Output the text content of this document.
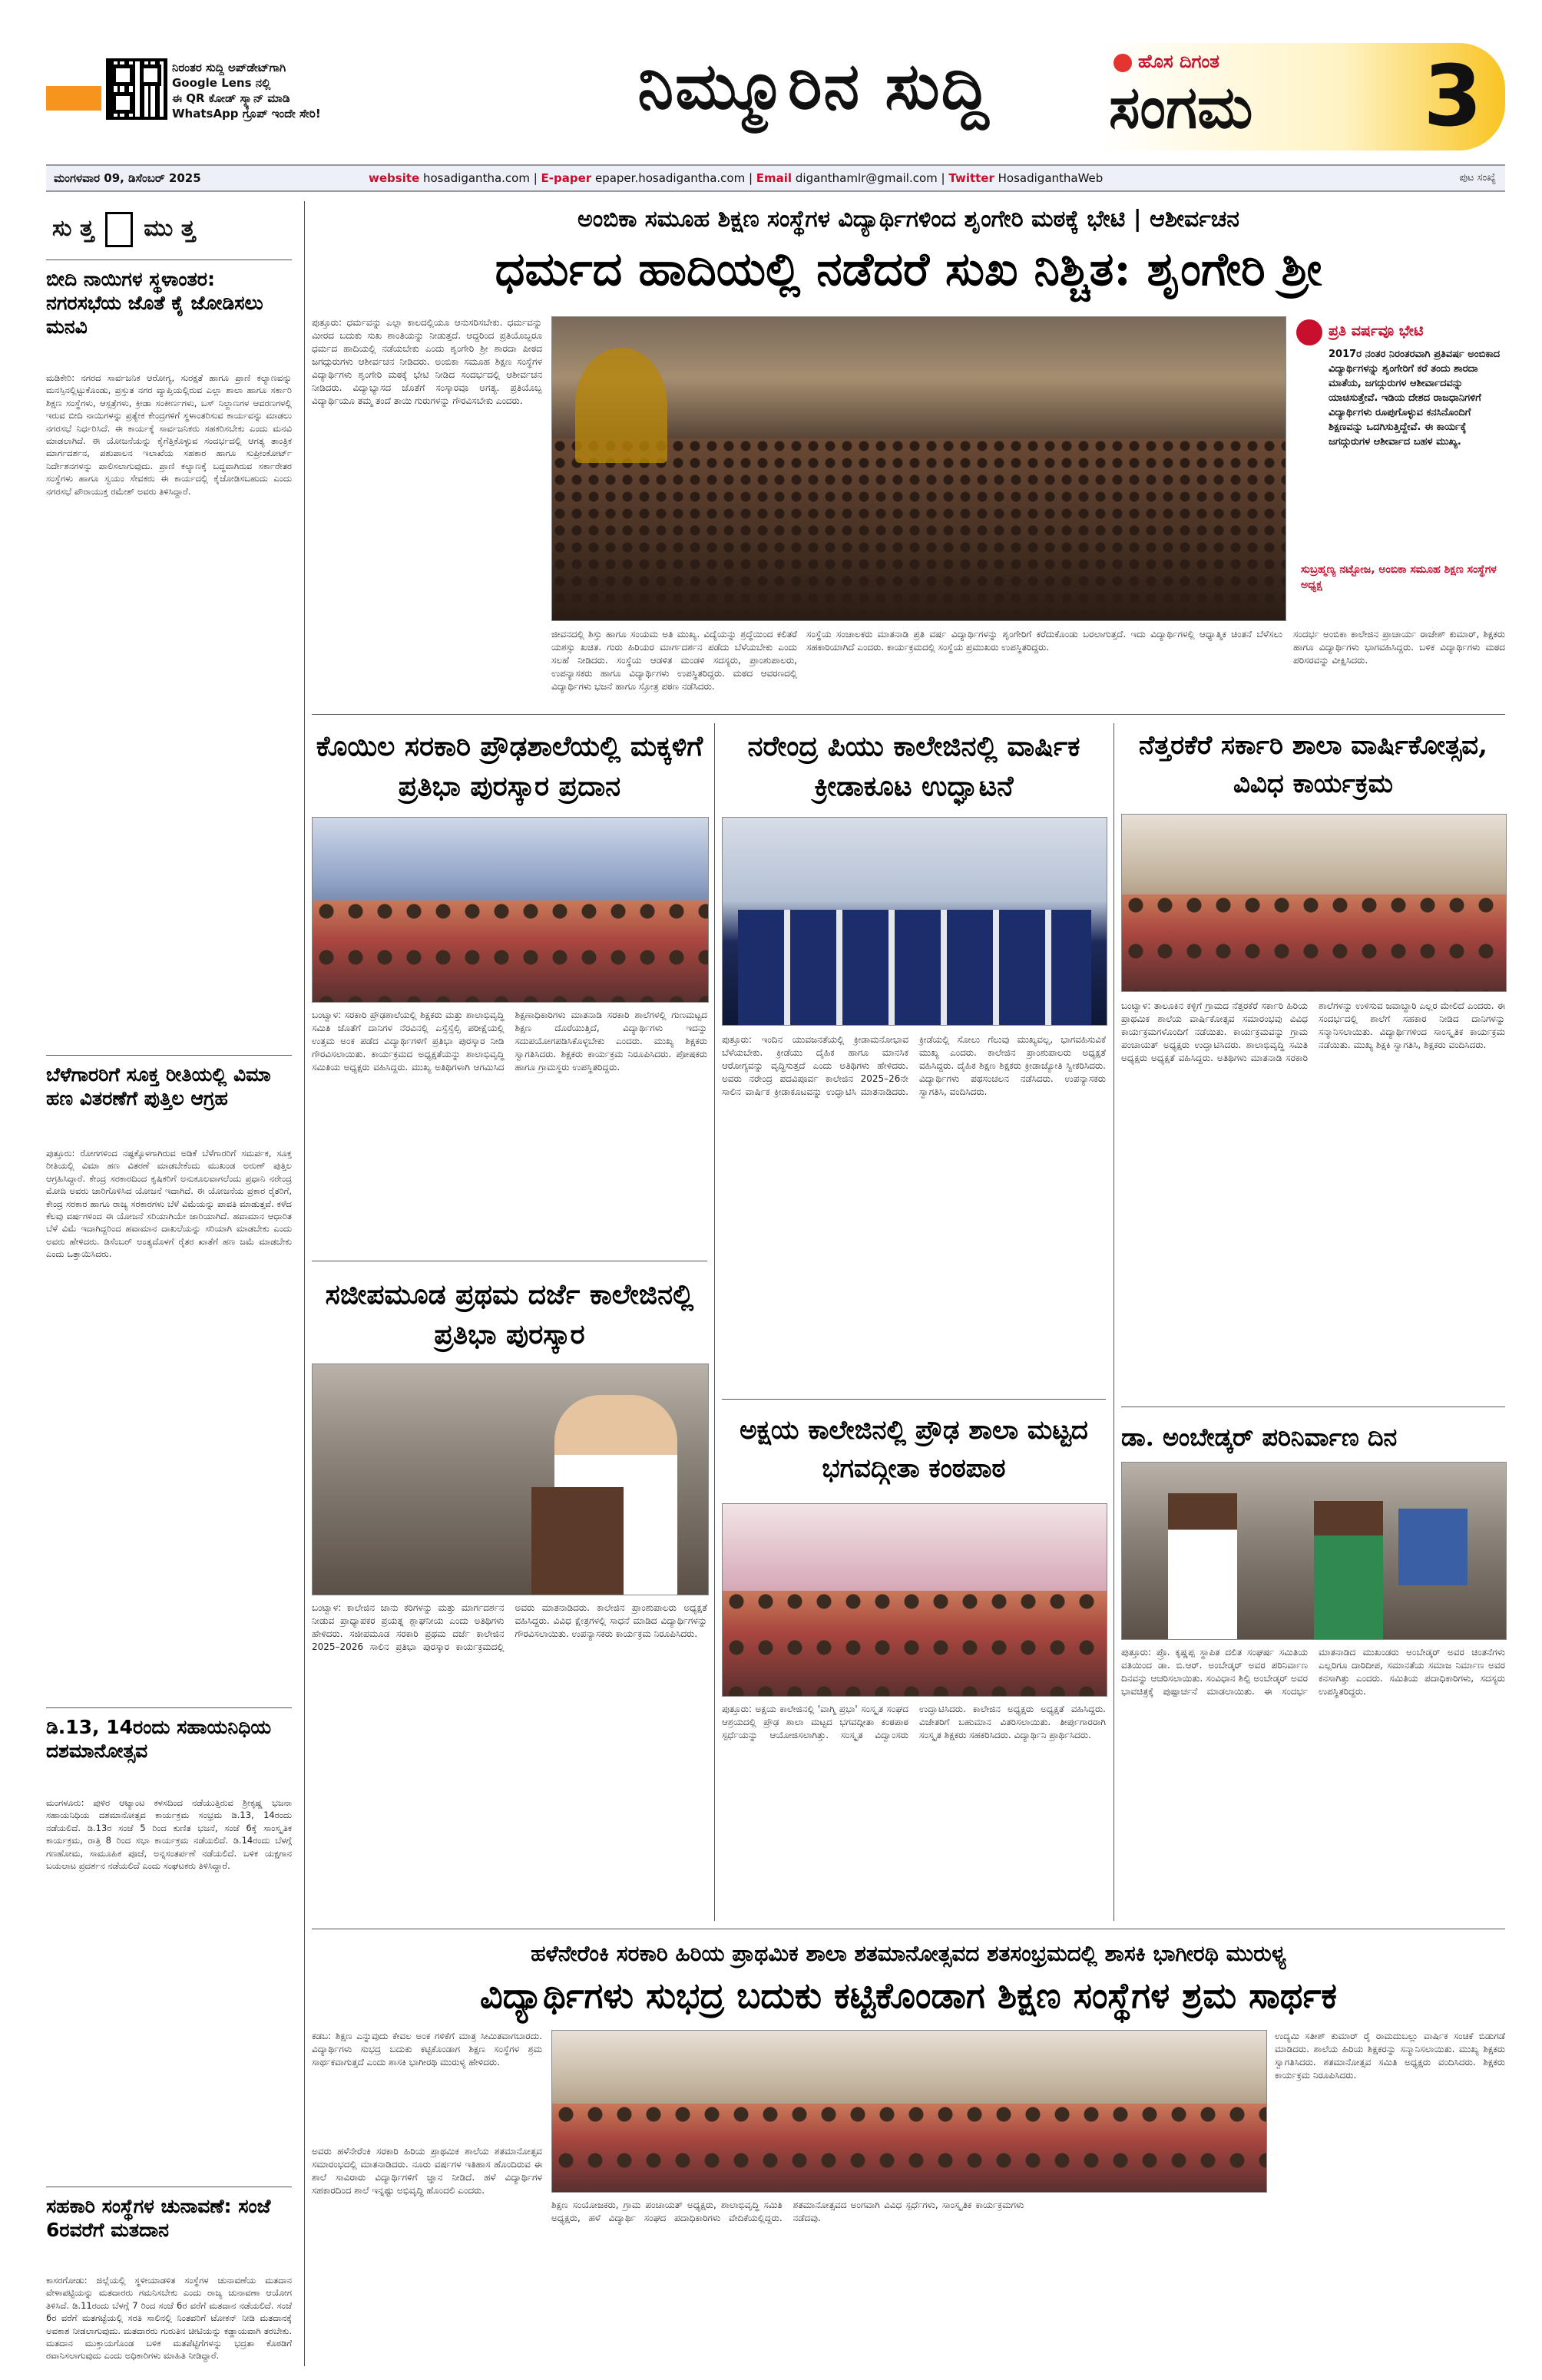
ನಿರಂತರ ಸುದ್ದಿ ಅಪ್‌ಡೇಟ್‌ಗಾಗಿ
Google Lens ನಲ್ಲಿ
ಈ QR ಕೋಡ್ ಸ್ಕ್ಯಾನ್ ಮಾಡಿ
WhatsApp ಗ್ರೂಪ್ ಇಂದೇ ಸೇರಿ!	ನಿಮ್ಮೂರಿನ ಸುದ್ದಿ	ಹೊಸ ದಿಗಂತ
ಸಂಗಮ 3
ಮಂಗಳವಾರ 09, ಡಿಸೆಂಬರ್ 2025	website hosadigantha.com | E-paper epaper.hosadigantha.com | Email diganthamlr@gmail.com | Twitter HosadiganthaWeb	ಪುಟ ಸಂಖ್ಯೆ
ಸು ತ್ತ ಮು ತ್ತ
ಬೀದಿ ನಾಯಿಗಳ ಸ್ಥಳಾಂತರ: ನಗರಸಭೆಯ ಜೊತೆ ಕೈ ಜೋಡಿಸಲು ಮನವಿ
ಮಡಿಕೇರಿ: ನಗರದ ಸಾರ್ವಜನಿಕ ಆರೋಗ್ಯ, ಸುರಕ್ಷತೆ ಹಾಗೂ ಪ್ರಾಣಿ ಕಲ್ಯಾಣವನ್ನು ಮನಸ್ಸಿನಲ್ಲಿಟ್ಟುಕೊಂಡು, ಪ್ರಸ್ತುತ ನಗರ ವ್ಯಾಪ್ತಿಯಲ್ಲಿರುವ ಎಲ್ಲಾ ಶಾಲಾ ಹಾಗೂ ಸರ್ಕಾರಿ ಶಿಕ್ಷಣ ಸಂಸ್ಥೆಗಳು, ಆಸ್ಪತ್ರೆಗಳು, ಕ್ರೀಡಾ ಸಂಕೀರ್ಣಗಳು, ಬಸ್ ನಿಲ್ದಾಣಗಳ ಆವರಣಗಳಲ್ಲಿ ಇರುವ ಬೀದಿ ನಾಯಿಗಳನ್ನು ಪ್ರತ್ಯೇಕ ಕೇಂದ್ರಗಳಿಗೆ ಸ್ಥಳಾಂತರಿಸುವ ಕಾರ್ಯವನ್ನು ಮಾಡಲು ನಗರಸಭೆ ನಿರ್ಧರಿಸಿದೆ. ಈ ಕಾರ್ಯಕ್ಕೆ ಸಾರ್ವಜನಿಕರು ಸಹಕರಿಸಬೇಕು ಎಂದು ಮನವಿ ಮಾಡಲಾಗಿದೆ. ಈ ಯೋಜನೆಯನ್ನು ಕೈಗೆತ್ತಿಕೊಳ್ಳುವ ಸಂದರ್ಭದಲ್ಲಿ ಆಗತ್ಯ ತಾಂತ್ರಿಕ ಮಾರ್ಗದರ್ಶನ, ಪಶುಪಾಲನ ಇಲಾಖೆಯ ಸಹಕಾರ ಹಾಗೂ ಸುಪ್ರೀಂಕೋರ್ಟ್ ನಿರ್ದೇಶನಗಳನ್ನು ಪಾಲಿಸಲಾಗುವುದು. ಪ್ರಾಣಿ ಕಲ್ಯಾಣಕ್ಕೆ ಬದ್ಧವಾಗಿರುವ ಸರ್ಕಾರೇತರ ಸಂಸ್ಥೆಗಳು ಹಾಗೂ ಸ್ವಯಂ ಸೇವಕರು ಈ ಕಾರ್ಯದಲ್ಲಿ ಕೈಜೋಡಿಸಬಹುದು ಎಂದು ನಗರಸಭೆ ಪೌರಾಯುಕ್ತ ರಮೇಶ್ ಅವರು ತಿಳಿಸಿದ್ದಾರೆ.
ಬೆಳೆಗಾರರಿಗೆ ಸೂಕ್ತ ರೀತಿಯಲ್ಲಿ ವಿಮಾ ಹಣ ವಿತರಣೆಗೆ ಪುತ್ತಿಲ ಆಗ್ರಹ
ಪುತ್ತೂರು: ರೋಗಗಳಿಂದ ನಷ್ಟಕ್ಕೊಳಗಾಗಿರುವ ಅಡಿಕೆ ಬೆಳೆಗಾರರಿಗೆ ಸಮರ್ಪಕ, ಸೂಕ್ತ ರೀತಿಯಲ್ಲಿ ವಿಮಾ ಹಣ ವಿತರಣೆ ಮಾಡಬೇಕೆಂದು ಮುಖಂಡ ಅರುಣ್ ಪುತ್ತಿಲ ಆಗ್ರಹಿಸಿದ್ದಾರೆ. ಕೇಂದ್ರ ಸರಕಾರದಿಂದ ಕೃಷಿಕರಿಗೆ ಅನುಕೂಲವಾಗಲೆಂದು ಪ್ರಧಾನಿ ನರೇಂದ್ರ ಮೋದಿ ಅವರು ಜಾರಿಗೊಳಿಸಿದ ಯೋಜನೆ ಇದಾಗಿದೆ. ಈ ಯೋಜನೆಯ ಪ್ರಕಾರ ರೈತರಿಗೆ, ಕೇಂದ್ರ ಸರಕಾರ ಹಾಗೂ ರಾಜ್ಯ ಸರಕಾರಗಳು ಬೆಳೆ ವಿಮೆಯನ್ನು ಪಾವತಿ ಮಾಡುತ್ತವೆ. ಕಳೆದ ಕೆಲವು ವರ್ಷಗಳಿಂದ ಈ ಯೋಜನೆ ಸರಿಯಾಗಿಯೇ ಜಾರಿಯಾಗಿದೆ. ಹವಾಮಾನ ಆಧಾರಿತ ಬೆಳೆ ವಿಮೆ ಇದಾಗಿದ್ದರಿಂದ ಹವಾಮಾನ ದಾಖಲೆಯನ್ನು ಸರಿಯಾಗಿ ಮಾಡಬೇಕು ಎಂದು ಅವರು ಹೇಳಿದರು. ಡಿಸೆಂಬರ್ ಅಂತ್ಯದೊಳಗೆ ರೈತರ ಖಾತೆಗೆ ಹಣ ಜಮೆ ಮಾಡಬೇಕು ಎಂದು ಒತ್ತಾಯಿಸಿದರು.
ಡಿ.13, 14ರಂದು ಸಹಾಯನಿಧಿಯ ದಶಮಾನೋತ್ಸವ
ಮಂಗಳೂರು: ಪುಳಿರ ಆಟ್ಯಾಂಟ ಕಳಸದಿಂದ ನಡೆಯುತ್ತಿರುವ ಶ್ರೀಕೃಷ್ಣ ಭಜನಾ ಸಹಾಯನಿಧಿಯ ದಶಮಾನೋತ್ಸವ ಕಾರ್ಯಕ್ರಮ ಸಂಭ್ರಮ ಡಿ.13, 14ರಂದು ನಡೆಯಲಿದೆ. ಡಿ.13ರ ಸಂಜೆ 5 ರಿಂದ ಕುಣಿತ ಭಜನೆ, ಸಂಜೆ 6ಕ್ಕೆ ಸಾಂಸ್ಕೃತಿಕ ಕಾರ್ಯಕ್ರಮ, ರಾತ್ರಿ 8 ರಿಂದ ಸಭಾ ಕಾರ್ಯಕ್ರಮ ನಡೆಯಲಿದೆ. ಡಿ.14ರಂದು ಬೆಳಗ್ಗೆ ಗಣಹೋಮ, ಸಾಮೂಹಿಕ ಪೂಜೆ, ಅನ್ನಸಂತರ್ಪಣೆ ನಡೆಯಲಿದೆ. ಬಳಿಕ ಯಕ್ಷಗಾನ ಬಯಲಾಟ ಪ್ರದರ್ಶನ ನಡೆಯಲಿದೆ ಎಂದು ಸಂಘಟಕರು ತಿಳಿಸಿದ್ದಾರೆ.
ಸಹಕಾರಿ ಸಂಸ್ಥೆಗಳ ಚುನಾವಣೆ: ಸಂಜೆ 6ರವರೆಗೆ ಮತದಾನ
ಕಾಸರಗೋಡು: ಜಿಲ್ಲೆಯಲ್ಲಿ ಸ್ಥಳೀಯಾಡಳಿತ ಸಂಸ್ಥೆಗಳ ಚುನಾವಣೆಯ ಮತದಾನ ವೇಳಾಪಟ್ಟಿಯನ್ನು ಮತದಾರರು ಗಮನಿಸಬೇಕು ಎಂದು ರಾಜ್ಯ ಚುನಾವಣಾ ಆಯೋಗ ತಿಳಿಸಿದೆ. ಡಿ.11ರಂದು ಬೆಳಗ್ಗೆ 7 ರಿಂದ ಸಂಜೆ 6ರ ವರೆಗೆ ಮತದಾನ ನಡೆಯಲಿದೆ. ಸಂಜೆ 6ರ ವರೆಗೆ ಮತಗಟ್ಟೆಯಲ್ಲಿ ಸರತಿ ಸಾಲಿನಲ್ಲಿ ನಿಂತವರಿಗೆ ಟೋಕನ್ ನೀಡಿ ಮತದಾನಕ್ಕೆ ಅವಕಾಶ ನೀಡಲಾಗುವುದು. ಮತದಾರರು ಗುರುತಿನ ಚೀಟಿಯನ್ನು ಕಡ್ಡಾಯವಾಗಿ ತರಬೇಕು. ಮತದಾನ ಮುಕ್ತಾಯಗೊಂಡ ಬಳಿಕ ಮತಪೆಟ್ಟಿಗೆಗಳನ್ನು ಭದ್ರತಾ ಕೊಠಡಿಗೆ ರವಾನಿಸಲಾಗುವುದು ಎಂದು ಅಧಿಕಾರಿಗಳು ಮಾಹಿತಿ ನೀಡಿದ್ದಾರೆ.
ಅಂಬಿಕಾ ಸಮೂಹ ಶಿಕ್ಷಣ ಸಂಸ್ಥೆಗಳ ವಿದ್ಯಾರ್ಥಿಗಳಿಂದ ಶೃಂಗೇರಿ ಮಠಕ್ಕೆ ಭೇಟಿ | ಆಶೀರ್ವಚನ
ಧರ್ಮದ ಹಾದಿಯಲ್ಲಿ ನಡೆದರೆ ಸುಖ ನಿಶ್ಚಿತ: ಶೃಂಗೇರಿ ಶ್ರೀ
ಪುತ್ತೂರು: ಧರ್ಮವನ್ನು ಎಲ್ಲಾ ಕಾಲದಲ್ಲಿಯೂ ಆನುಸರಿಸಬೇಕು. ಧರ್ಮವನ್ನು ಮೀರದ ಬದುಕು ಸುಖ ಶಾಂತಿಯನ್ನು ನೀಡುತ್ತದೆ. ಆದ್ದರಿಂದ ಪ್ರತಿಯೊಬ್ಬರೂ ಧರ್ಮದ ಹಾದಿಯಲ್ಲಿ ನಡೆಯಬೇಕು ಎಂದು ಶೃಂಗೇರಿ ಶ್ರೀ ಶಾರದಾ ಪೀಠದ ಜಗದ್ಗುರುಗಳು ಆಶೀರ್ವಚನ ನೀಡಿದರು. ಅಂಬಿಕಾ ಸಮೂಹ ಶಿಕ್ಷಣ ಸಂಸ್ಥೆಗಳ ವಿದ್ಯಾರ್ಥಿಗಳು ಶೃಂಗೇರಿ ಮಠಕ್ಕೆ ಭೇಟಿ ನೀಡಿದ ಸಂದರ್ಭದಲ್ಲಿ ಆಶೀರ್ವಚನ ನೀಡಿದರು. ವಿದ್ಯಾಭ್ಯಾಸದ ಜೊತೆಗೆ ಸಂಸ್ಕಾರವೂ ಅಗತ್ಯ. ಪ್ರತಿಯೊಬ್ಬ ವಿದ್ಯಾರ್ಥಿಯೂ ತಮ್ಮ ತಂದೆ ತಾಯಿ ಗುರುಗಳನ್ನು ಗೌರವಿಸಬೇಕು ಎಂದರು.
ಪ್ರತಿ ವರ್ಷವೂ ಭೇಟಿ
2017ರ ನಂತರ ನಿರಂತರವಾಗಿ ಪ್ರತಿವರ್ಷ ಅಂಬಿಕಾದ ವಿದ್ಯಾರ್ಥಿಗಳನ್ನು ಶೃಂಗೇರಿಗೆ ಕರೆ ತಂದು ಶಾರದಾ ಮಾತೆಯ, ಜಗದ್ಗುರುಗಳ ಆಶೀರ್ವಾದವನ್ನು ಯಾಚಿಸುತ್ತೇವೆ. ಇಡಿಯ ದೇಶದ ರಾಜಧಾನಿಗಳಿಗೆ ವಿದ್ಯಾರ್ಥಿಗಳು ರೂಪುಗೊಳ್ಳುವ ಕನಸಿನೊಂದಿಗೆ ಶಿಕ್ಷಣವನ್ನು ಒದಗಿಸುತ್ತಿದ್ದೇವೆ. ಈ ಕಾರ್ಯಕ್ಕೆ ಜಗದ್ಗುರುಗಳ ಆಶೀರ್ವಾದ ಬಹಳ ಮುಖ್ಯ.
ಸುಬ್ರಹ್ಮಣ್ಯ ನಟ್ಟೋಜ, ಅಂಬಿಕಾ ಸಮೂಹ ಶಿಕ್ಷಣ ಸಂಸ್ಥೆಗಳ ಅಧ್ಯಕ್ಷ
ಜೀವನದಲ್ಲಿ ಶಿಸ್ತು ಹಾಗೂ ಸಂಯಮ ಅತಿ ಮುಖ್ಯ. ವಿದ್ಯೆಯನ್ನು ಶ್ರದ್ಧೆಯಿಂದ ಕಲಿತರೆ ಯಶಸ್ಸು ಖಚಿತ. ಗುರು ಹಿರಿಯರ ಮಾರ್ಗದರ್ಶನ ಪಡೆದು ಬೆಳೆಯಬೇಕು ಎಂದು ಸಲಹೆ ನೀಡಿದರು. ಸಂಸ್ಥೆಯ ಆಡಳಿತ ಮಂಡಳಿ ಸದಸ್ಯರು, ಪ್ರಾಂಶುಪಾಲರು, ಉಪನ್ಯಾಸಕರು ಹಾಗೂ ವಿದ್ಯಾರ್ಥಿಗಳು ಉಪಸ್ಥಿತರಿದ್ದರು. ಮಠದ ಆವರಣದಲ್ಲಿ ವಿದ್ಯಾರ್ಥಿಗಳು ಭಜನೆ ಹಾಗೂ ಸ್ತೋತ್ರ ಪಠಣ ನಡೆಸಿದರು.
ಸಂಸ್ಥೆಯ ಸಂಚಾಲಕರು ಮಾತನಾಡಿ ಪ್ರತಿ ವರ್ಷ ವಿದ್ಯಾರ್ಥಿಗಳನ್ನು ಶೃಂಗೇರಿಗೆ ಕರೆದುಕೊಂಡು ಬರಲಾಗುತ್ತದೆ. ಇದು ವಿದ್ಯಾರ್ಥಿಗಳಲ್ಲಿ ಆಧ್ಯಾತ್ಮಿಕ ಚಿಂತನೆ ಬೆಳೆಸಲು ಸಹಕಾರಿಯಾಗಿದೆ ಎಂದರು. ಕಾರ್ಯಕ್ರಮದಲ್ಲಿ ಸಂಸ್ಥೆಯ ಪ್ರಮುಖರು ಉಪಸ್ಥಿತರಿದ್ದರು.
ಸಂದರ್ಭ ಅಂಬಿಕಾ ಕಾಲೇಜಿನ ಪ್ರಾಚಾರ್ಯ ರಾಜೇಶ್ ಕುಮಾರ್, ಶಿಕ್ಷಕರು ಹಾಗೂ ವಿದ್ಯಾರ್ಥಿಗಳು ಭಾಗವಹಿಸಿದ್ದರು. ಬಳಿಕ ವಿದ್ಯಾರ್ಥಿಗಳು ಮಠದ ಪರಿಸರವನ್ನು ವೀಕ್ಷಿಸಿದರು.
ಕೊಯಿಲ ಸರಕಾರಿ ಪ್ರೌಢಶಾಲೆಯಲ್ಲಿ ಮಕ್ಕಳಿಗೆ ಪ್ರತಿಭಾ ಪುರಸ್ಕಾರ ಪ್ರದಾನ
ಬಂಟ್ವಾಳ: ಸರಕಾರಿ ಪ್ರೌಢಶಾಲೆಯಲ್ಲಿ ಶಿಕ್ಷಕರು ಮತ್ತು ಶಾಲಾಭಿವೃದ್ಧಿ ಸಮಿತಿ ಜೊತೆಗೆ ದಾನಿಗಳ ನೆರವಿನಲ್ಲಿ ಎಸ್ಸೆಸ್ಸೆಲ್ಸಿ ಪರೀಕ್ಷೆಯಲ್ಲಿ ಉತ್ತಮ ಅಂಕ ಪಡೆದ ವಿದ್ಯಾರ್ಥಿಗಳಿಗೆ ಪ್ರತಿಭಾ ಪುರಸ್ಕಾರ ನೀಡಿ ಗೌರವಿಸಲಾಯಿತು. ಕಾರ್ಯಕ್ರಮದ ಅಧ್ಯಕ್ಷತೆಯನ್ನು ಶಾಲಾಭಿವೃದ್ಧಿ ಸಮಿತಿಯ ಅಧ್ಯಕ್ಷರು ವಹಿಸಿದ್ದರು. ಮುಖ್ಯ ಅತಿಥಿಗಳಾಗಿ ಆಗಮಿಸಿದ ಶಿಕ್ಷಣಾಧಿಕಾರಿಗಳು ಮಾತನಾಡಿ ಸರಕಾರಿ ಶಾಲೆಗಳಲ್ಲಿ ಗುಣಮಟ್ಟದ ಶಿಕ್ಷಣ ದೊರೆಯುತ್ತಿದೆ, ವಿದ್ಯಾರ್ಥಿಗಳು ಇದನ್ನು ಸದುಪಯೋಗಪಡಿಸಿಕೊಳ್ಳಬೇಕು ಎಂದರು. ಮುಖ್ಯ ಶಿಕ್ಷಕರು ಸ್ವಾಗತಿಸಿದರು. ಶಿಕ್ಷಕರು ಕಾರ್ಯಕ್ರಮ ನಿರೂಪಿಸಿದರು. ಪೋಷಕರು ಹಾಗೂ ಗ್ರಾಮಸ್ಥರು ಉಪಸ್ಥಿತರಿದ್ದರು.
ಸಜೀಪಮೂಡ ಪ್ರಥಮ ದರ್ಜೆ ಕಾಲೇಜಿನಲ್ಲಿ ಪ್ರತಿಭಾ ಪುರಸ್ಕಾರ
ಬಂಟ್ವಾಳ: ಕಾಲೇಜಿನ ಜಾನು ಕರಿಗಳನ್ನು ಮತ್ತು ಮಾರ್ಗದರ್ಶನ ನೀಡುವ ಪ್ರಾಧ್ಯಾಪಕರ ಪ್ರಯತ್ನ ಶ್ಲಾಘನೀಯ ಎಂದು ಅತಿಥಿಗಳು ಹೇಳಿದರು. ಸಜೀಪಮೂಡ ಸರಕಾರಿ ಪ್ರಥಮ ದರ್ಜೆ ಕಾಲೇಜಿನ 2025–2026 ಸಾಲಿನ ಪ್ರತಿಭಾ ಪುರಸ್ಕಾರ ಕಾರ್ಯಕ್ರಮದಲ್ಲಿ ಅವರು ಮಾತನಾಡಿದರು. ಕಾಲೇಜಿನ ಪ್ರಾಂಶುಪಾಲರು ಅಧ್ಯಕ್ಷತೆ ವಹಿಸಿದ್ದರು. ವಿವಿಧ ಕ್ಷೇತ್ರಗಳಲ್ಲಿ ಸಾಧನೆ ಮಾಡಿದ ವಿದ್ಯಾರ್ಥಿಗಳನ್ನು ಗೌರವಿಸಲಾಯಿತು. ಉಪನ್ಯಾಸಕರು ಕಾರ್ಯಕ್ರಮ ನಿರೂಪಿಸಿದರು.
ನರೇಂದ್ರ ಪಿಯು ಕಾಲೇಜಿನಲ್ಲಿ ವಾರ್ಷಿಕ ಕ್ರೀಡಾಕೂಟ ಉದ್ಘಾಟನೆ
ಪುತ್ತೂರು: ಇಂದಿನ ಯುವಜನತೆಯಲ್ಲಿ ಕ್ರೀಡಾಮನೋಭಾವ ಬೆಳೆಯಬೇಕು. ಕ್ರೀಡೆಯು ದೈಹಿಕ ಹಾಗೂ ಮಾನಸಿಕ ಆರೋಗ್ಯವನ್ನು ವೃದ್ಧಿಸುತ್ತದೆ ಎಂದು ಅತಿಥಿಗಳು ಹೇಳಿದರು. ಅವರು ನರೇಂದ್ರ ಪದವಿಪೂರ್ವ ಕಾಲೇಜಿನ 2025–26ನೇ ಸಾಲಿನ ವಾರ್ಷಿಕ ಕ್ರೀಡಾಕೂಟವನ್ನು ಉದ್ಘಾಟಿಸಿ ಮಾತನಾಡಿದರು. ಕ್ರೀಡೆಯಲ್ಲಿ ಸೋಲು ಗೆಲುವು ಮುಖ್ಯವಲ್ಲ, ಭಾಗವಹಿಸುವಿಕೆ ಮುಖ್ಯ ಎಂದರು. ಕಾಲೇಜಿನ ಪ್ರಾಂಶುಪಾಲರು ಅಧ್ಯಕ್ಷತೆ ವಹಿಸಿದ್ದರು. ದೈಹಿಕ ಶಿಕ್ಷಣ ಶಿಕ್ಷಕರು ಕ್ರೀಡಾಜ್ಯೋತಿ ಸ್ವೀಕರಿಸಿದರು. ವಿದ್ಯಾರ್ಥಿಗಳು ಪಥಸಂಚಲನ ನಡೆಸಿದರು. ಉಪನ್ಯಾಸಕರು ಸ್ವಾಗತಿಸಿ, ವಂದಿಸಿದರು.
ಅಕ್ಷಯ ಕಾಲೇಜಿನಲ್ಲಿ ಪ್ರೌಢ ಶಾಲಾ ಮಟ್ಟದ ಭಗವದ್ಗೀತಾ ಕಂಠಪಾಠ
ಪುತ್ತೂರು: ಅಕ್ಷಯ ಕಾಲೇಜಿನಲ್ಲಿ 'ವಾಗ್ಮಿ ಪ್ರಭಾ' ಸಂಸ್ಕೃತ ಸಂಘದ ಆಶ್ರಯದಲ್ಲಿ ಪ್ರೌಢ ಶಾಲಾ ಮಟ್ಟದ ಭಗವದ್ಗೀತಾ ಕಂಠಪಾಠ ಸ್ಪರ್ಧೆಯನ್ನು ಆಯೋಜಿಸಲಾಗಿತ್ತು. ಸಂಸ್ಕೃತ ವಿದ್ವಾಂಸರು ಉದ್ಘಾಟಿಸಿದರು. ಕಾಲೇಜಿನ ಅಧ್ಯಕ್ಷರು ಅಧ್ಯಕ್ಷತೆ ವಹಿಸಿದ್ದರು. ವಿಜೇತರಿಗೆ ಬಹುಮಾನ ವಿತರಿಸಲಾಯಿತು. ತೀರ್ಪುಗಾರರಾಗಿ ಸಂಸ್ಕೃತ ಶಿಕ್ಷಕರು ಸಹಕರಿಸಿದರು. ವಿದ್ಯಾರ್ಥಿನಿ ಪ್ರಾರ್ಥಿಸಿದರು.
ನೆತ್ತರಕೆರೆ ಸರ್ಕಾರಿ ಶಾಲಾ ವಾರ್ಷಿಕೋತ್ಸವ, ವಿವಿಧ ಕಾರ್ಯಕ್ರಮ
ಬಂಟ್ವಾಳ: ತಾಲೂಕಿನ ಕಳ್ಳಿಗೆ ಗ್ರಾಮದ ನೆತ್ತರಕೆರೆ ಸರ್ಕಾರಿ ಹಿರಿಯ ಪ್ರಾಥಮಿಕ ಶಾಲೆಯ ವಾರ್ಷಿಕೋತ್ಸವ ಸಮಾರಂಭವು ವಿವಿಧ ಕಾರ್ಯಕ್ರಮಗಳೊಂದಿಗೆ ನಡೆಯಿತು. ಕಾರ್ಯಕ್ರಮವನ್ನು ಗ್ರಾಮ ಪಂಚಾಯತ್ ಅಧ್ಯಕ್ಷರು ಉದ್ಘಾಟಿಸಿದರು. ಶಾಲಾಭಿವೃದ್ಧಿ ಸಮಿತಿ ಅಧ್ಯಕ್ಷರು ಅಧ್ಯಕ್ಷತೆ ವಹಿಸಿದ್ದರು. ಅತಿಥಿಗಳು ಮಾತನಾಡಿ ಸರಕಾರಿ ಶಾಲೆಗಳನ್ನು ಉಳಿಸುವ ಜವಾಬ್ದಾರಿ ಎಲ್ಲರ ಮೇಲಿದೆ ಎಂದರು. ಈ ಸಂದರ್ಭದಲ್ಲಿ ಶಾಲೆಗೆ ಸಹಕಾರ ನೀಡಿದ ದಾನಿಗಳನ್ನು ಸನ್ಮಾನಿಸಲಾಯಿತು. ವಿದ್ಯಾರ್ಥಿಗಳಿಂದ ಸಾಂಸ್ಕೃತಿಕ ಕಾರ್ಯಕ್ರಮ ನಡೆಯಿತು. ಮುಖ್ಯ ಶಿಕ್ಷಕಿ ಸ್ವಾಗತಿಸಿ, ಶಿಕ್ಷಕರು ವಂದಿಸಿದರು.
ಡಾ. ಅಂಬೇಡ್ಕರ್ ಪರಿನಿರ್ವಾಣ ದಿನ
ಪುತ್ತೂರು: ಪ್ರೊ. ಕೃಷ್ಣಪ್ಪ ಸ್ಥಾಪಿತ ದಲಿತ ಸಂಘರ್ಷ ಸಮಿತಿಯ ವತಿಯಿಂದ ಡಾ. ಬಿ.ಆರ್. ಅಂಬೇಡ್ಕರ್ ಅವರ ಪರಿನಿರ್ವಾಣ ದಿನವನ್ನು ಆಚರಿಸಲಾಯಿತು. ಸಂವಿಧಾನ ಶಿಲ್ಪಿ ಅಂಬೇಡ್ಕರ್ ಅವರ ಭಾವಚಿತ್ರಕ್ಕೆ ಪುಷ್ಪಾರ್ಚನೆ ಮಾಡಲಾಯಿತು. ಈ ಸಂದರ್ಭ ಮಾತನಾಡಿದ ಮುಖಂಡರು ಅಂಬೇಡ್ಕರ್ ಅವರ ಚಿಂತನೆಗಳು ಎಲ್ಲರಿಗೂ ದಾರಿದೀಪ, ಸಮಾನತೆಯ ಸಮಾಜ ನಿರ್ಮಾಣ ಅವರ ಕನಸಾಗಿತ್ತು ಎಂದರು. ಸಮಿತಿಯ ಪದಾಧಿಕಾರಿಗಳು, ಸದಸ್ಯರು ಉಪಸ್ಥಿತರಿದ್ದರು.
ಹಳೆನೇರೆಂಕಿ ಸರಕಾರಿ ಹಿರಿಯ ಪ್ರಾಥಮಿಕ ಶಾಲಾ ಶತಮಾನೋತ್ಸವದ ಶತಸಂಭ್ರಮದಲ್ಲಿ ಶಾಸಕಿ ಭಾಗೀರಥಿ ಮುರುಳ್ಯ
ವಿದ್ಯಾರ್ಥಿಗಳು ಸುಭದ್ರ ಬದುಕು ಕಟ್ಟಿಕೊಂಡಾಗ ಶಿಕ್ಷಣ ಸಂಸ್ಥೆಗಳ ಶ್ರಮ ಸಾರ್ಥಕ
ಕಡಬ: ಶಿಕ್ಷಣ ಎನ್ನುವುದು ಕೇವಲ ಅಂಕ ಗಳಿಕೆಗೆ ಮಾತ್ರ ಸೀಮಿತವಾಗಬಾರದು. ವಿದ್ಯಾರ್ಥಿಗಳು ಸುಭದ್ರ ಬದುಕು ಕಟ್ಟಿಕೊಂಡಾಗ ಶಿಕ್ಷಣ ಸಂಸ್ಥೆಗಳ ಶ್ರಮ ಸಾರ್ಥಕವಾಗುತ್ತದೆ ಎಂದು ಶಾಸಕಿ ಭಾಗೀರಥಿ ಮುರುಳ್ಯ ಹೇಳಿದರು.
ಅವರು ಹಳೆನೇರೆಂಕಿ ಸರಕಾರಿ ಹಿರಿಯ ಪ್ರಾಥಮಿಕ ಶಾಲೆಯ ಶತಮಾನೋತ್ಸವ ಸಮಾರಂಭದಲ್ಲಿ ಮಾತನಾಡಿದರು. ನೂರು ವರ್ಷಗಳ ಇತಿಹಾಸ ಹೊಂದಿರುವ ಈ ಶಾಲೆ ಸಾವಿರಾರು ವಿದ್ಯಾರ್ಥಿಗಳಿಗೆ ಜ್ಞಾನ ನೀಡಿದೆ. ಹಳೆ ವಿದ್ಯಾರ್ಥಿಗಳ ಸಹಕಾರದಿಂದ ಶಾಲೆ ಇನ್ನಷ್ಟು ಅಭಿವೃದ್ಧಿ ಹೊಂದಲಿ ಎಂದರು.
ಶಿಕ್ಷಣ ಸಂಯೋಜಕರು, ಗ್ರಾಮ ಪಂಚಾಯತ್ ಅಧ್ಯಕ್ಷರು, ಶಾಲಾಭಿವೃದ್ಧಿ ಸಮಿತಿ ಅಧ್ಯಕ್ಷರು, ಹಳೆ ವಿದ್ಯಾರ್ಥಿ ಸಂಘದ ಪದಾಧಿಕಾರಿಗಳು ವೇದಿಕೆಯಲ್ಲಿದ್ದರು. ಶತಮಾನೋತ್ಸವದ ಅಂಗವಾಗಿ ವಿವಿಧ ಸ್ಪರ್ಧೆಗಳು, ಸಾಂಸ್ಕೃತಿಕ ಕಾರ್ಯಕ್ರಮಗಳು ನಡೆದವು.
ಉದ್ಯಮಿ ಸತೀಶ್ ಕುಮಾರ್ ರೈ ರಾಮದುಬಲ್ಲು ವಾರ್ಷಿಕ ಸಂಚಿಕೆ ಬಿಡುಗಡೆ ಮಾಡಿದರು. ಶಾಲೆಯ ಹಿರಿಯ ಶಿಕ್ಷಕರನ್ನು ಸನ್ಮಾನಿಸಲಾಯಿತು. ಮುಖ್ಯ ಶಿಕ್ಷಕರು ಸ್ವಾಗತಿಸಿದರು. ಶತಮಾನೋತ್ಸವ ಸಮಿತಿ ಅಧ್ಯಕ್ಷರು ವಂದಿಸಿದರು. ಶಿಕ್ಷಕರು ಕಾರ್ಯಕ್ರಮ ನಿರೂಪಿಸಿದರು.
